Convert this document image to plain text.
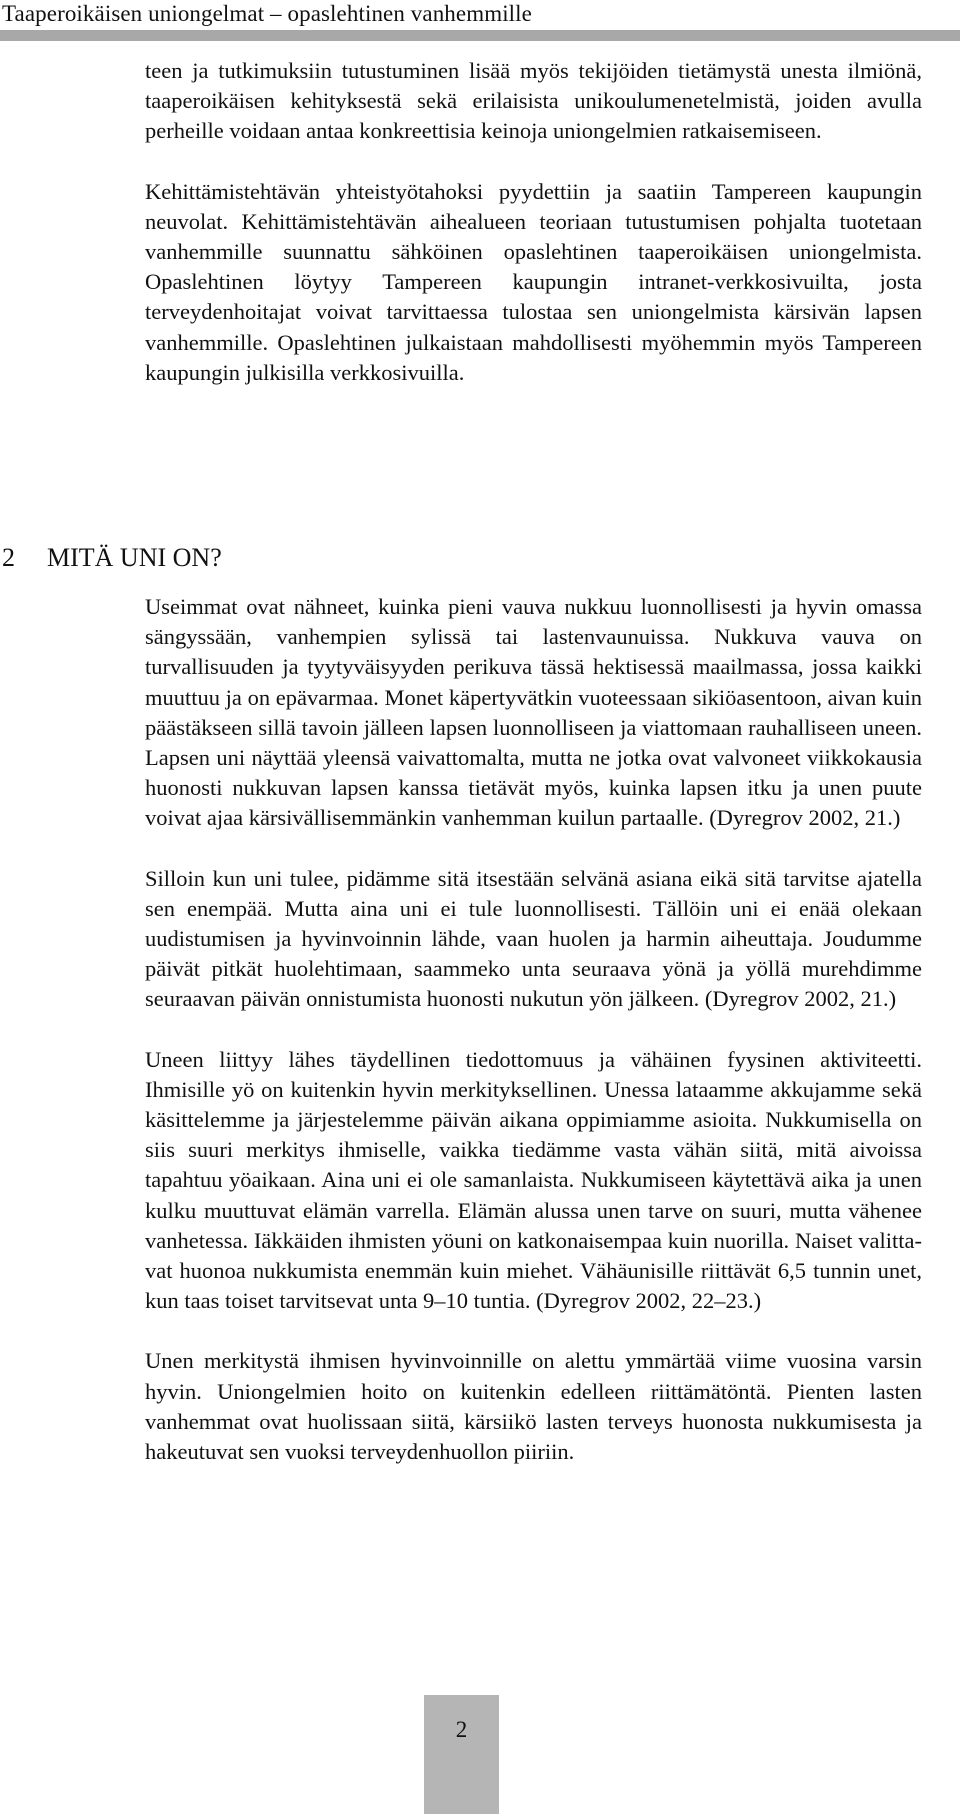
Taaperoikäisen uniongelmat – opaslehtinen vanhemmille

teen ja tutkimuksiin tutustuminen lisää myös tekijöiden tietämystä unesta ilmiönä, taaperoikäisen kehityksestä sekä erilaisista unikoulumenetelmistä, joiden avulla perheille voidaan antaa konkreettisia keinoja uniongelmien ratkaisemiseen.

Kehittämistehtävän yhteistyötahoksi pyydettiin ja saatiin Tampereen kaupungin neuvolat. Kehittämistehtävän aihealueen teoriaan tutustumisen pohjalta tuotetaan vanhemmille suunnattu sähköinen opaslehtinen taaperoikäisen uniongelmista. Opaslehtinen löytyy Tampereen kaupungin intranet-verkkosivuilta, josta terveydenhoitajat voivat tarvittaessa tulostaa sen uniongelmista kärsivän lapsen vanhemmille. Opaslehtinen julkaistaan mahdollisesti myöhemmin myös Tampereen kaupungin julkisilla verkkosivuilla.

2 MITÄ UNI ON?

Useimmat ovat nähneet, kuinka pieni vauva nukkuu luonnollisesti ja hyvin omassa sängyssään, vanhempien sylissä tai lastenvaunuissa. Nukkuva vauva on turvallisuuden ja tyytyväisyyden perikuva tässä hektisessä maailmassa, jossa kaikki muuttuu ja on epävarmaa. Monet käpertyvätkin vuoteessaan sikiöasentoon, aivan kuin päästäkseen sillä tavoin jälleen lapsen luonnolliseen ja viattomaan rauhalliseen uneen. Lapsen uni näyttää yleensä vaivattomalta, mutta ne jotka ovat valvoneet viikkokausia huonosti nukkuvan lapsen kanssa tietävät myös, kuinka lapsen itku ja unen puute voivat ajaa kärsivällisemmänkin vanhemman kuilun partaalle. (Dyregrov 2002, 21.)

Silloin kun uni tulee, pidämme sitä itsestään selvänä asiana eikä sitä tarvitse ajatella sen enempää. Mutta aina uni ei tule luonnollisesti. Tällöin uni ei enää olekaan uudistumisen ja hyvinvoinnin lähde, vaan huolen ja harmin aiheuttaja. Joudumme päivät pitkät huolehtimaan, saammeko unta seuraava yönä ja yöllä murehdimme seuraavan päivän onnistumista huonosti nukutun yön jälkeen. (Dyregrov 2002, 21.)

Uneen liittyy lähes täydellinen tiedottomuus ja vähäinen fyysinen aktiviteetti. Ihmisille yö on kuitenkin hyvin merkityksellinen. Unessa lataamme akkujamme sekä käsittelemme ja järjestelemme päivän aikana oppimiamme asioita. Nukkumisella on siis suuri merkitys ihmiselle, vaikka tiedämme vasta vähän siitä, mitä aivoissa tapahtuu yöaikaan. Aina uni ei ole samanlaista. Nukkumiseen käytettävä aika ja unen kulku muuttuvat elämän varrella. Elämän alussa unen tarve on suuri, mutta vähenee vanhetessa. Iäkkäiden ihmisten yöuni on katkonaisempaa kuin nuorilla. Naiset valittavat huonoa nukkumista enemmän kuin miehet. Vähäunisille riittävät 6,5 tunnin unet, kun taas toiset tarvitsevat unta 9–10 tuntia. (Dyregrov 2002, 22–23.)

Unen merkitystä ihmisen hyvinvoinnille on alettu ymmärtää viime vuosina varsin hyvin. Uniongelmien hoito on kuitenkin edelleen riittämätöntä. Pienten lasten vanhemmat ovat huolissaan siitä, kärsiikö lasten terveys huonosta nukkumisesta ja hakeutuvat sen vuoksi terveydenhuollon piiriin.

2
